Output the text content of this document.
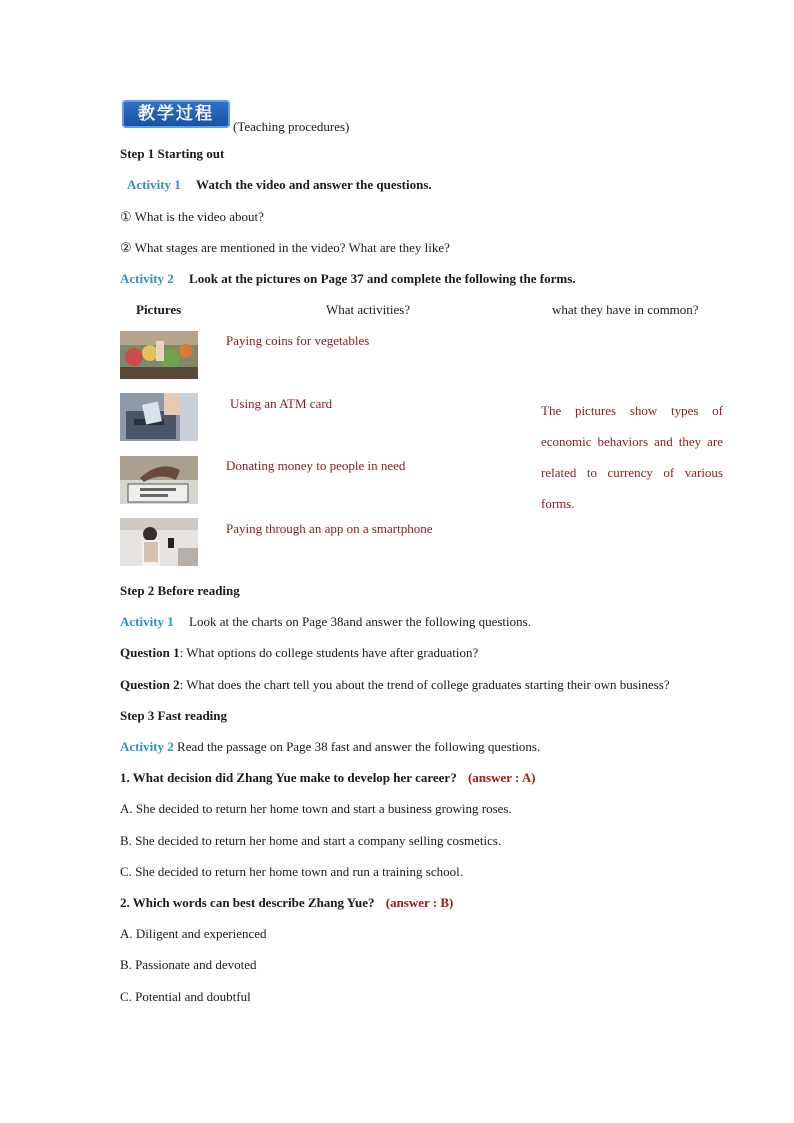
教学过程
(Teaching procedures)
Step 1 Starting out
Activity 1 Watch the video and answer the questions.
① What is the video about?
② What stages are mentioned in the video? What are they like?
Activity 2 Look at the pictures on Page 37 and complete the following the forms.
Pictures	What activities?	what they have in common?
Paying coins for vegetables
Using an ATM card
Donating money to people in need
Paying through an app on a smartphone
The pictures show types of economic behaviors and they are related to currency of various forms.
Step 2 Before reading
Activity 1 Look at the charts on Page 38and answer the following questions.
Question 1: What options do college students have after graduation?
Question 2: What does the chart tell you about the trend of college graduates starting their own business?
Step 3 Fast reading
Activity 2 Read the passage on Page 38 fast and answer the following questions.
1. What decision did Zhang Yue make to develop her career? (answer : A)
A. She decided to return her home town and start a business growing roses.
B. She decided to return her home and start a company selling cosmetics.
C. She decided to return her home town and run a training school.
2. Which words can best describe Zhang Yue? (answer : B)
A. Diligent and experienced
B. Passionate and devoted
C. Potential and doubtful
